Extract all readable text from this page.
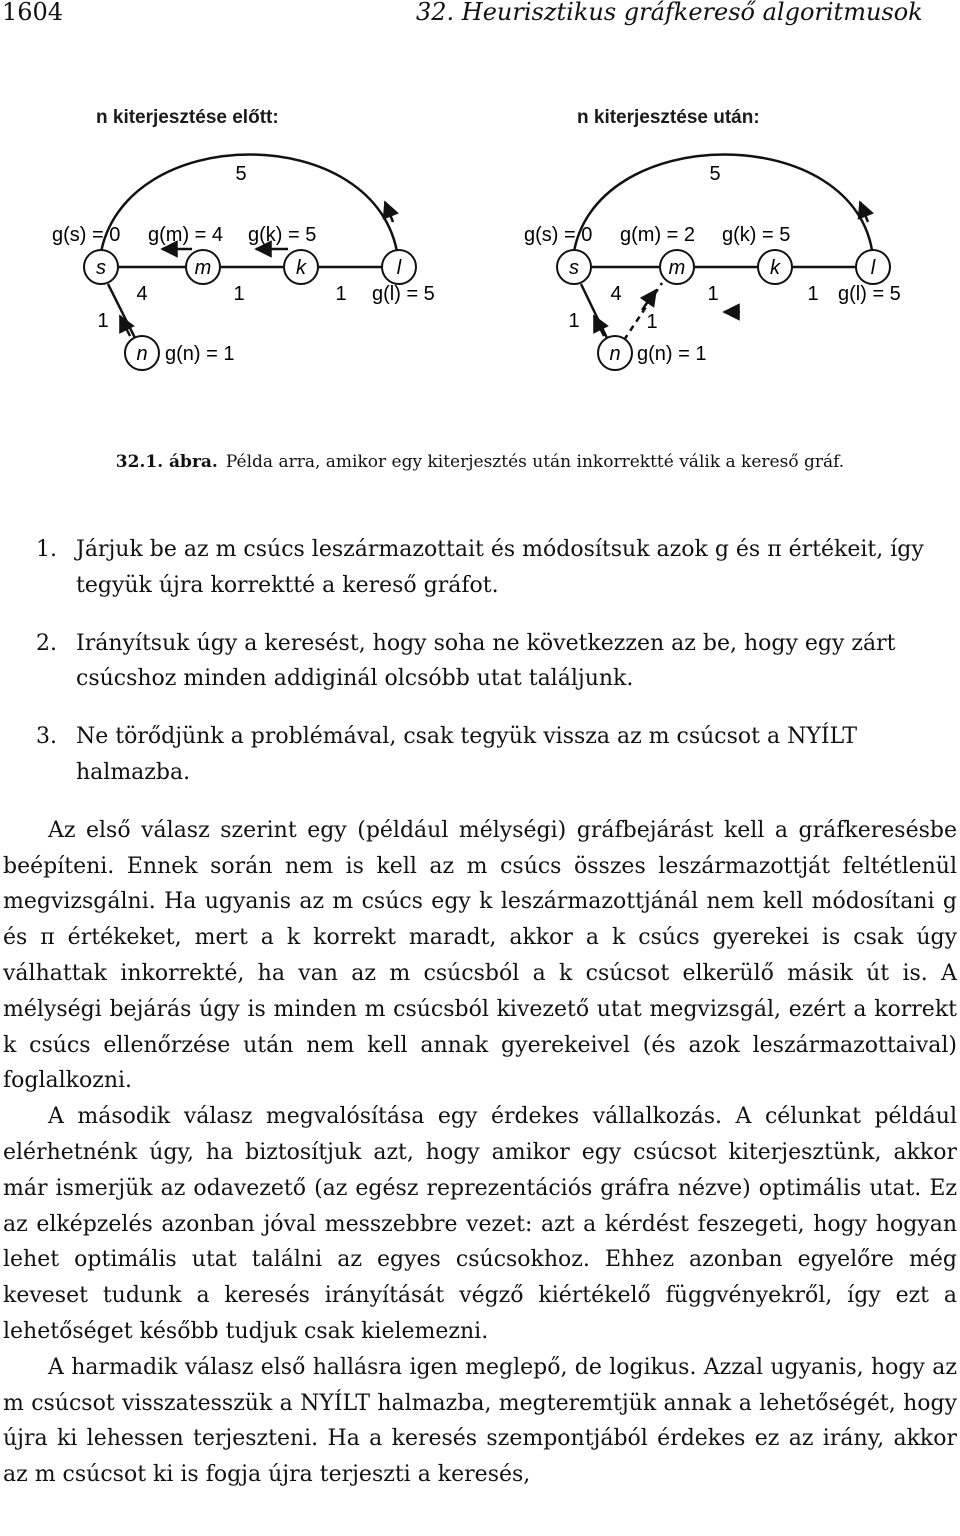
1604	32. Heurisztikus gráfkereső algoritmusok
n kiterjesztése előtt:
s	m	k	l
n
g(s) = 0 g(m) = 4 g(k) = 5
g(l) = 5
g(n) = 1
5
4	1	1
1
n kiterjesztése után:
s	m	k	l
n
g(s) = 0 g(m) = 2 g(k) = 5
g(l) = 5
g(n) = 1
5
4	1	1
1	1
32.1. ábra. Példa arra, amikor egy kiterjesztés után inkorrektté válik a kereső gráf.
1. Járjuk be az m csúcs leszármazottait és módosítsuk azok g és π értékeit, így tegyük újra korrektté a kereső gráfot.
2. Irányítsuk úgy a keresést, hogy soha ne következzen az be, hogy egy zárt csúcshoz minden addiginál olcsóbb utat találjunk.
3. Ne törődjünk a problémával, csak tegyük vissza az m csúcsot a NYÍLT halmazba.

Az első válasz szerint egy (például mélységi) gráfbejárást kell a gráfkeresésbe beépíteni. Ennek során nem is kell az m csúcs összes leszármazottját feltétlenül megvizsgálni. Ha ugyanis az m csúcs egy k leszármazottjánál nem kell módosítani g és π értékeket, mert a k korrekt maradt, akkor a k csúcs gyerekei is csak úgy válhattak inkorrekté, ha van az m csúcsból a k csúcsot elkerülő másik út is. A mélységi bejárás úgy is minden m csúcsból kivezető utat megvizsgál, ezért a korrekt k csúcs ellenőrzése után nem kell annak gyerekeivel (és azok leszármazottaival) foglalkozni.

A második válasz megvalósítása egy érdekes vállalkozás. A célunkat például elérhetnénk úgy, ha biztosítjuk azt, hogy amikor egy csúcsot kiterjesztünk, akkor már ismerjük az odavezető (az egész reprezentációs gráfra nézve) optimális utat. Ez az elképzelés azonban jóval messzebbre vezet: azt a kérdést feszegeti, hogy hogyan lehet optimális utat találni az egyes csúcsokhoz. Ehhez azonban egyelőre még keveset tudunk a keresés irányítását végző kiértékelő függvényekről, így ezt a lehetőséget később tudjuk csak kielemezni.

A harmadik válasz első hallásra igen meglepő, de logikus. Azzal ugyanis, hogy az m csúcsot visszatesszük a NYÍLT halmazba, megteremtjük annak a lehetőségét, hogy újra ki lehessen terjeszteni. Ha a keresés szempontjából érdekes ez az irány, akkor az m csúcsot ki is fogja újra terjeszti a keresés,
